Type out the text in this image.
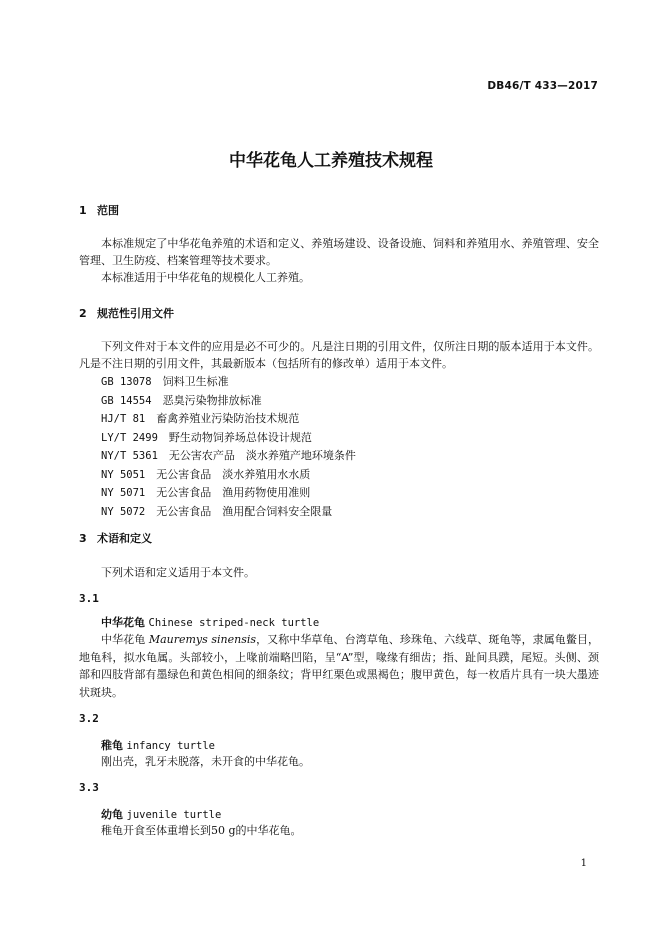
DB46/T 433—2017
中华花龟人工养殖技术规程
1 范围

本标准规定了中华花龟养殖的术语和定义、养殖场建设、设备设施、饲料和养殖用水、养殖管理、安全管理、卫生防疫、档案管理等技术要求。

本标准适用于中华花龟的规模化人工养殖。

2 规范性引用文件

下列文件对于本文件的应用是必不可少的。凡是注日期的引用文件，仅所注日期的版本适用于本文件。凡是不注日期的引用文件，其最新版本（包括所有的修改单）适用于本文件。

GB 13078　 饲料卫生标准
GB 14554　 恶臭污染物排放标准
HJ/T 81　 畜禽养殖业污染防治技术规范
LY/T 2499　 野生动物饲养场总体设计规范
NY/T 5361　 无公害农产品　淡水养殖产地环境条件
NY 5051　 无公害食品　淡水养殖用水水质
NY 5071　 无公害食品　渔用药物使用准则
NY 5072　 无公害食品　渔用配合饲料安全限量
3 术语和定义

下列术语和定义适用于本文件。

3.1
中华花龟 Chinese striped-neck turtle

中华花龟 Mauremys sinensis，又称中华草龟、台湾草龟、珍珠龟、六线草、斑龟等，隶属龟鳖目，地龟科，拟水龟属。头部较小，上喙前端略凹陷，呈“A”型，喙缘有细齿；指、趾间具蹼，尾短。头侧、颈部和四肢背部有墨绿色和黄色相间的细条纹；背甲红栗色或黑褐色；腹甲黄色，每一枚盾片具有一块大墨迹状斑块。

3.2
稚龟 infancy turtle

刚出壳，乳牙未脱落，未开食的中华花龟。

3.3
幼龟 juvenile turtle

稚龟开食至体重增长到50 g的中华花龟。

1
